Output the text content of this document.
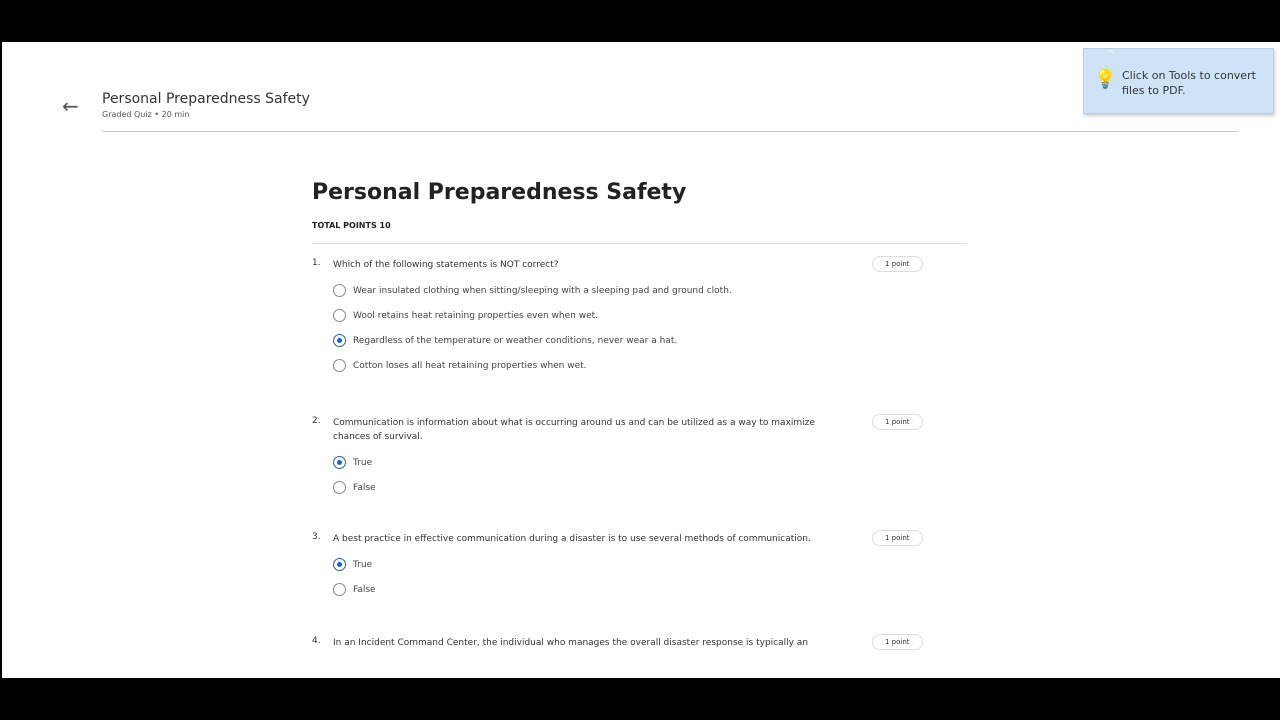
← Personal Preparedness Safety
Graded Quiz • 20 min
Personal Preparedness Safety
TOTAL POINTS 10
1. Which of the following statements is NOT correct?	1 point
Wear insulated clothing when sitting/sleeping with a sleeping pad and ground cloth.
Wool retains heat retaining properties even when wet.
Regardless of the temperature or weather conditions, never wear a hat.
Cotton loses all heat retaining properties when wet.
2. Communication is information about what is occurring around us and can be utilized as a way to maximize chances of survival.
1 point
True
False
3. A best practice in effective communication during a disaster is to use several methods of communication.	1 point
True
False
4. In an Incident Command Center, the individual who manages the overall disaster response is typically an	1 point
^
💡 Click on Tools to convert files to PDF.
